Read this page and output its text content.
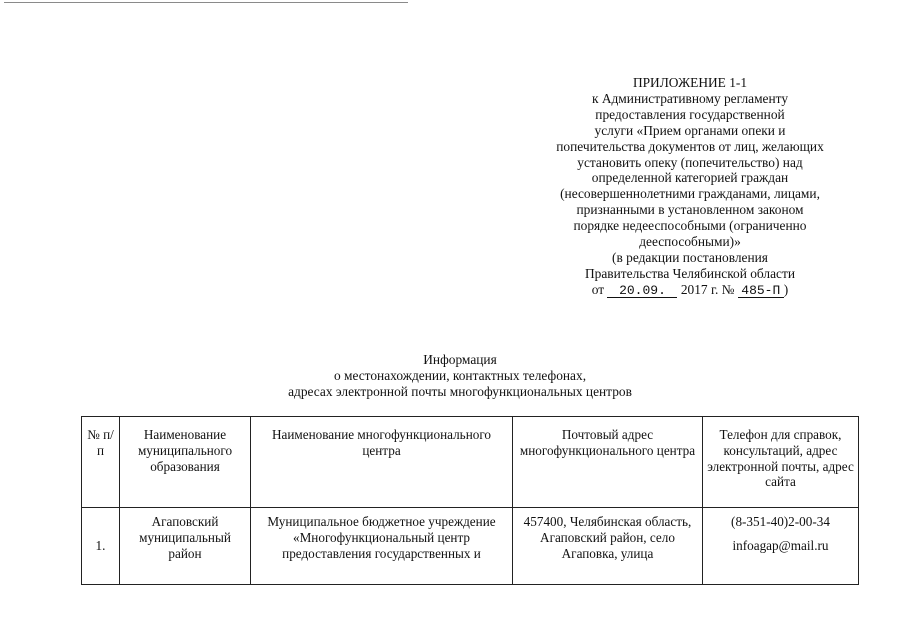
ПРИЛОЖЕНИЕ 1-1
к Административному регламенту
предоставления государственной
услуги «Прием органами опеки и
попечительства документов от лиц, желающих
установить опеку (попечительство) над
определенной категорией граждан
(несовершеннолетними гражданами, лицами,
признанными в установленном законом
порядке недееспособными (ограниченно
дееспособными)»
(в редакции постановления
Правительства Челябинской области
от 20.09. 2017 г. № 485-П )
Информация
о местонахождении, контактных телефонах,
адресах электронной почты многофункциональных центров
№ п/п	Наименование муниципального образования	Наименование многофункционального центра	Почтовый адрес многофункционального центра	Телефон для справок, консультаций, адрес электронной почты, адрес сайта
1.	Агаповский муниципальный район	Муниципальное бюджетное учреждение «Многофункциональный центр предоставления государственных и	457400, Челябинская область, Агаповский район, село Агаповка, улица	(8-351-40)2-00-34
infoagap@mail.ru
